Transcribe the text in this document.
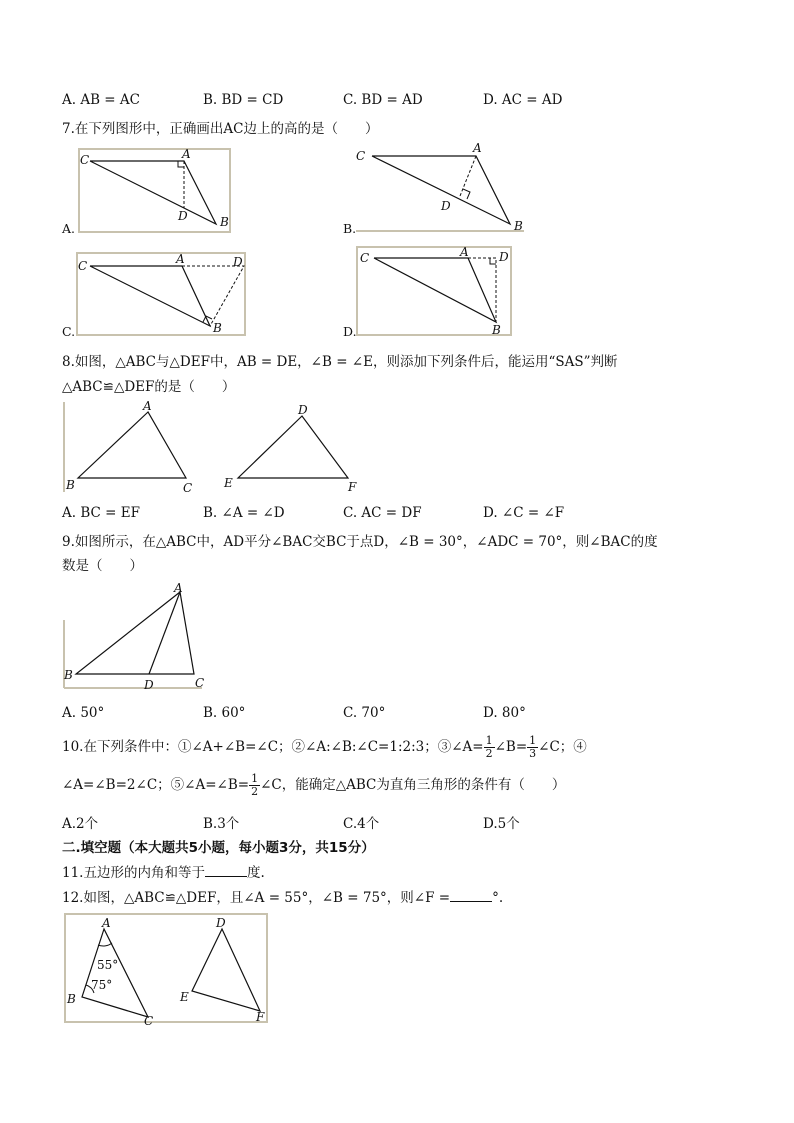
A. AB = AC	B. BD = CD	C. BD = AD	D. AC = AD
7.在下列图形中，正确画出AC边上的高的是（　　）
C	A
D	B
A.
C
A
D
B
B.
C	A	D
B
C.
C	A	D
B
D.
8.如图，△ABC与△DEF中，AB = DE，∠B = ∠E，则添加下列条件后，能运用“SAS”判断
△ABC≌△DEF的是（　　）
A
B	C
D
E	F
A. BC = EF	B. ∠A = ∠D	C. AC = DF	D. ∠C = ∠F
9.如图所示，在△ABC中，AD平分∠BAC交BC于点D，∠B = 30°，∠ADC = 70°，则∠BAC的度
数是（　　）
A
B
D	C
A. 50°	B. 60°	C. 70°	D. 80°
10.在下列条件中：①∠A+∠B=∠C；②∠A:∠B:∠C=1:2:3；③∠A= $\frac{1}{2}$ ∠B= $\frac{1}{3}$ ∠C；④
∠A=∠B=2∠C；⑤∠A=∠B= $\frac{1}{2}$ ∠C，能确定△ABC为直角三角形的条件有（　　）
A.2个	B.3个	C.4个	D.5个
二.填空题（本大题共5小题，每小题3分，共15分）
11.五边形的内角和等于	度.
12.如图，△ABC≌△DEF，且∠A = 55°，∠B = 75°，则∠F =	°.
A
55°
75°
B
C
D
E
F
